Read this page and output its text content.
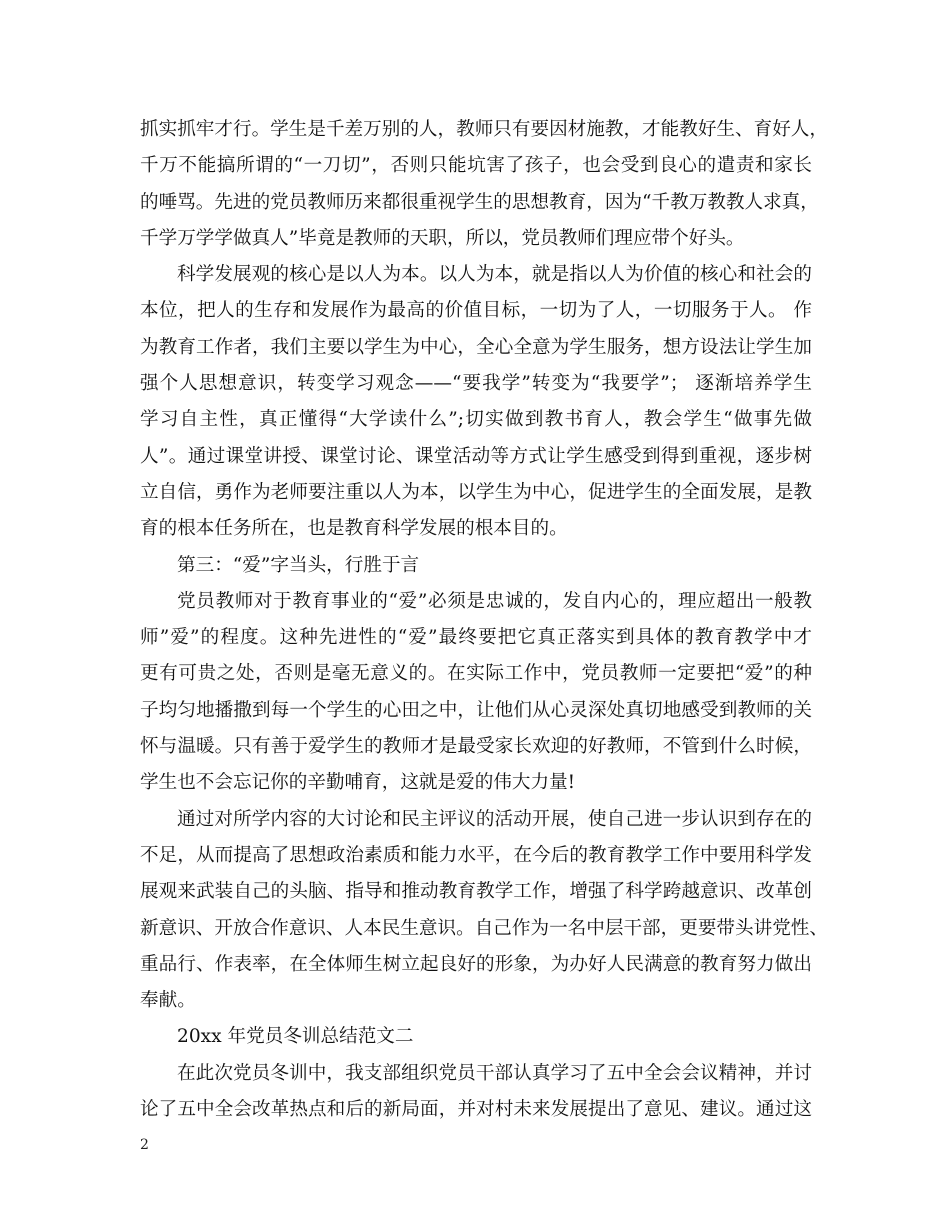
抓实抓牢才行。学生是千差万别的人，教师只有要因材施教，才能教好生、育好人，
千万不能搞所谓的“一刀切”，否则只能坑害了孩子，也会受到良心的遣责和家长
的唾骂。先进的党员教师历来都很重视学生的思想教育，因为“千教万教教人求真，
千学万学学做真人”毕竟是教师的天职，所以，党员教师们理应带个好头。
科学发展观的核心是以人为本。以人为本，就是指以人为价值的核心和社会的
本位，把人的生存和发展作为最高的价值目标，一切为了人，一切服务于人。 作
为教育工作者，我们主要以学生为中心，全心全意为学生服务，想方设法让学生加
强个人思想意识，转变学习观念——“要我学”转变为“我要学”； 逐渐培养学生
学习自主性，真正懂得“大学读什么”;切实做到教书育人，教会学生“做事先做
人”。通过课堂讲授、课堂讨论、课堂活动等方式让学生感受到得到重视，逐步树
立自信，勇作为老师要注重以人为本，以学生为中心，促进学生的全面发展，是教
育的根本任务所在，也是教育科学发展的根本目的。
第三：“爱”字当头，行胜于言
党员教师对于教育事业的“爱”必须是忠诚的，发自内心的，理应超出一般教
师”爱”的程度。这种先进性的“爱”最终要把它真正落实到具体的教育教学中才
更有可贵之处，否则是毫无意义的。在实际工作中，党员教师一定要把“爱”的种
子均匀地播撒到每一个学生的心田之中，让他们从心灵深处真切地感受到教师的关
怀与温暖。只有善于爱学生的教师才是最受家长欢迎的好教师，不管到什么时候，
学生也不会忘记你的辛勤哺育，这就是爱的伟大力量!
通过对所学内容的大讨论和民主评议的活动开展，使自己进一步认识到存在的
不足，从而提高了思想政治素质和能力水平，在今后的教育教学工作中要用科学发
展观来武装自己的头脑、指导和推动教育教学工作，增强了科学跨越意识、改革创
新意识、开放合作意识、人本民生意识。自己作为一名中层干部，更要带头讲党性、
重品行、作表率，在全体师生树立起良好的形象，为办好人民满意的教育努力做出
奉献。
20xx 年党员冬训总结范文二
在此次党员冬训中，我支部组织党员干部认真学习了五中全会会议精神，并讨
论了五中全会改革热点和后的新局面，并对村未来发展提出了意见、建议。通过这
2
